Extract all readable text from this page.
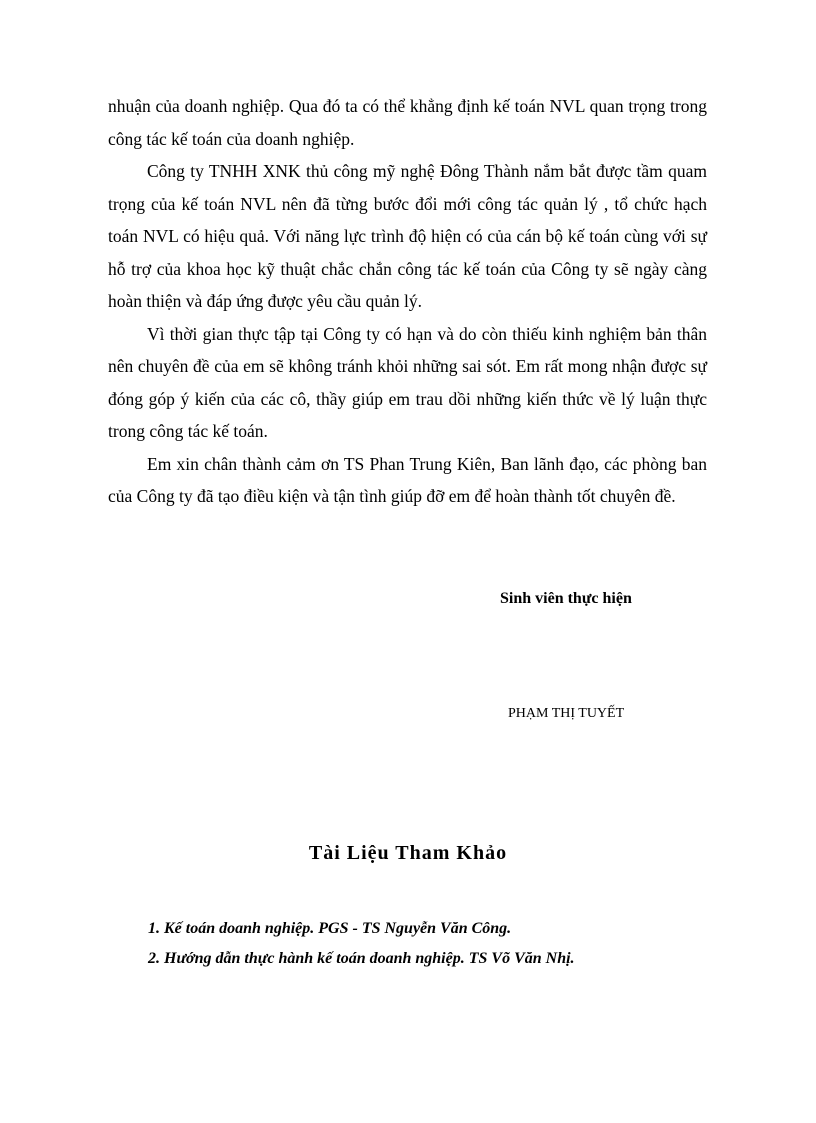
nhuận của doanh nghiệp. Qua đó ta có thể khẳng định kế toán NVL quan trọng trong công tác kế toán của doanh nghiệp.

Công ty TNHH XNK thủ công mỹ nghệ Đông Thành nắm bắt được tầm quam trọng của kế toán NVL nên đã từng bước đổi mới công tác quản lý , tổ chức hạch toán NVL có hiệu quả. Với năng lực trình độ hiện có của cán bộ kế toán cùng với sự hỗ trợ của khoa học kỹ thuật chắc chắn công tác kế toán của Công ty sẽ ngày càng hoàn thiện và đáp ứng được yêu cầu quản lý.

Vì thời gian thực tập tại Công ty có hạn và do còn thiếu kinh nghiệm bản thân nên chuyên đề của em sẽ không tránh khỏi những sai sót. Em rất mong nhận được sự đóng góp ý kiến của các cô, thầy giúp em trau dồi những kiến thức về lý luận thực trong công tác kế toán.

Em xin chân thành cảm ơn TS Phan Trung Kiên, Ban lãnh đạo, các phòng ban của Công ty đã tạo điều kiện và tận tình giúp đỡ em để hoàn thành tốt chuyên đề.

Sinh viên thực hiện
PHẠM THỊ TUYẾT
Tài Liệu Tham Khảo
1. Kế toán doanh nghiệp. PGS - TS Nguyễn Văn Công.
2. Hướng dẫn thực hành kế toán doanh nghiệp. TS Võ Văn Nhị.
